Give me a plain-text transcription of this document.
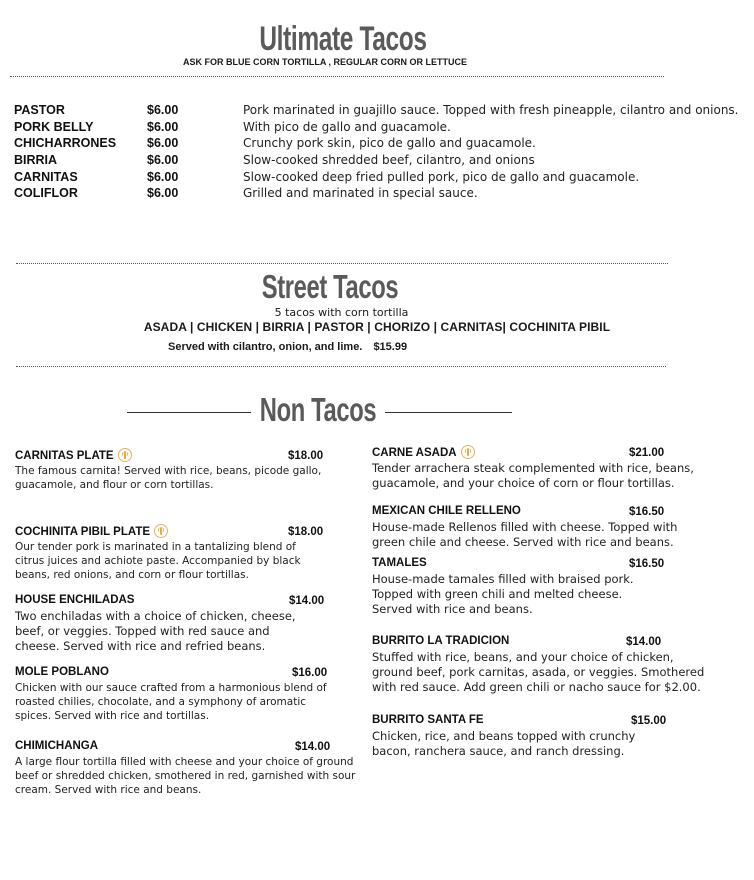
Ultimate Tacos
ASK FOR BLUE CORN TORTILLA , REGULAR CORN OR LETTUCE
PASTOR	$6.00	Pork marinated in guajillo sauce. Topped with fresh pineapple, cilantro and onions.
PORK BELLY	$6.00	With pico de gallo and guacamole.
CHICHARRONES $6.00	Crunchy pork skin, pico de gallo and guacamole.
BIRRIA	$6.00	Slow-cooked shredded beef, cilantro, and onions
CARNITAS	$6.00	Slow-cooked deep fried pulled pork, pico de gallo and guacamole.
COLIFLOR	$6.00	Grilled and marinated in special sauce.
Street Tacos
5 tacos with corn tortilla
ASADA | CHICKEN | BIRRIA | PASTOR | CHORIZO | CARNITAS| COCHINITA PIBIL
Served with cilantro, onion, and lime. $15.99
Non Tacos
CARNITAS PLATE	$18.00
The famous carnita! Served with rice, beans, picode gallo,
guacamole, and flour or corn tortillas.
COCHINITA PIBIL PLATE	$18.00
Our tender pork is marinated in a tantalizing blend of
citrus juices and achiote paste. Accompanied by black
beans, red onions, and corn or flour tortillas.
HOUSE ENCHILADAS	$14.00
Two enchiladas with a choice of chicken, cheese,
beef, or veggies. Topped with red sauce and
cheese. Served with rice and refried beans.
MOLE POBLANO	$16.00
Chicken with our sauce crafted from a harmonious blend of
roasted chilies, chocolate, and a symphony of aromatic
spices. Served with rice and tortillas.
CHIMICHANGA	$14.00
A large flour tortilla filled with cheese and your choice of ground
beef or shredded chicken, smothered in red, garnished with sour
cream. Served with rice and beans.
CARNE ASADA	$21.00
Tender arrachera steak complemented with rice, beans,
guacamole, and your choice of corn or flour tortillas.
MEXICAN CHILE RELLENO	$16.50
House-made Rellenos filled with cheese. Topped with
green chile and cheese. Served with rice and beans.
TAMALES	$16.50
House-made tamales filled with braised pork.
Topped with green chili and melted cheese.
Served with rice and beans.
BURRITO LA TRADICION	$14.00
Stuffed with rice, beans, and your choice of chicken,
ground beef, pork carnitas, asada, or veggies. Smothered
with red sauce. Add green chili or nacho sauce for $2.00.
BURRITO SANTA FE	$15.00
Chicken, rice, and beans topped with crunchy
bacon, ranchera sauce, and ranch dressing.
